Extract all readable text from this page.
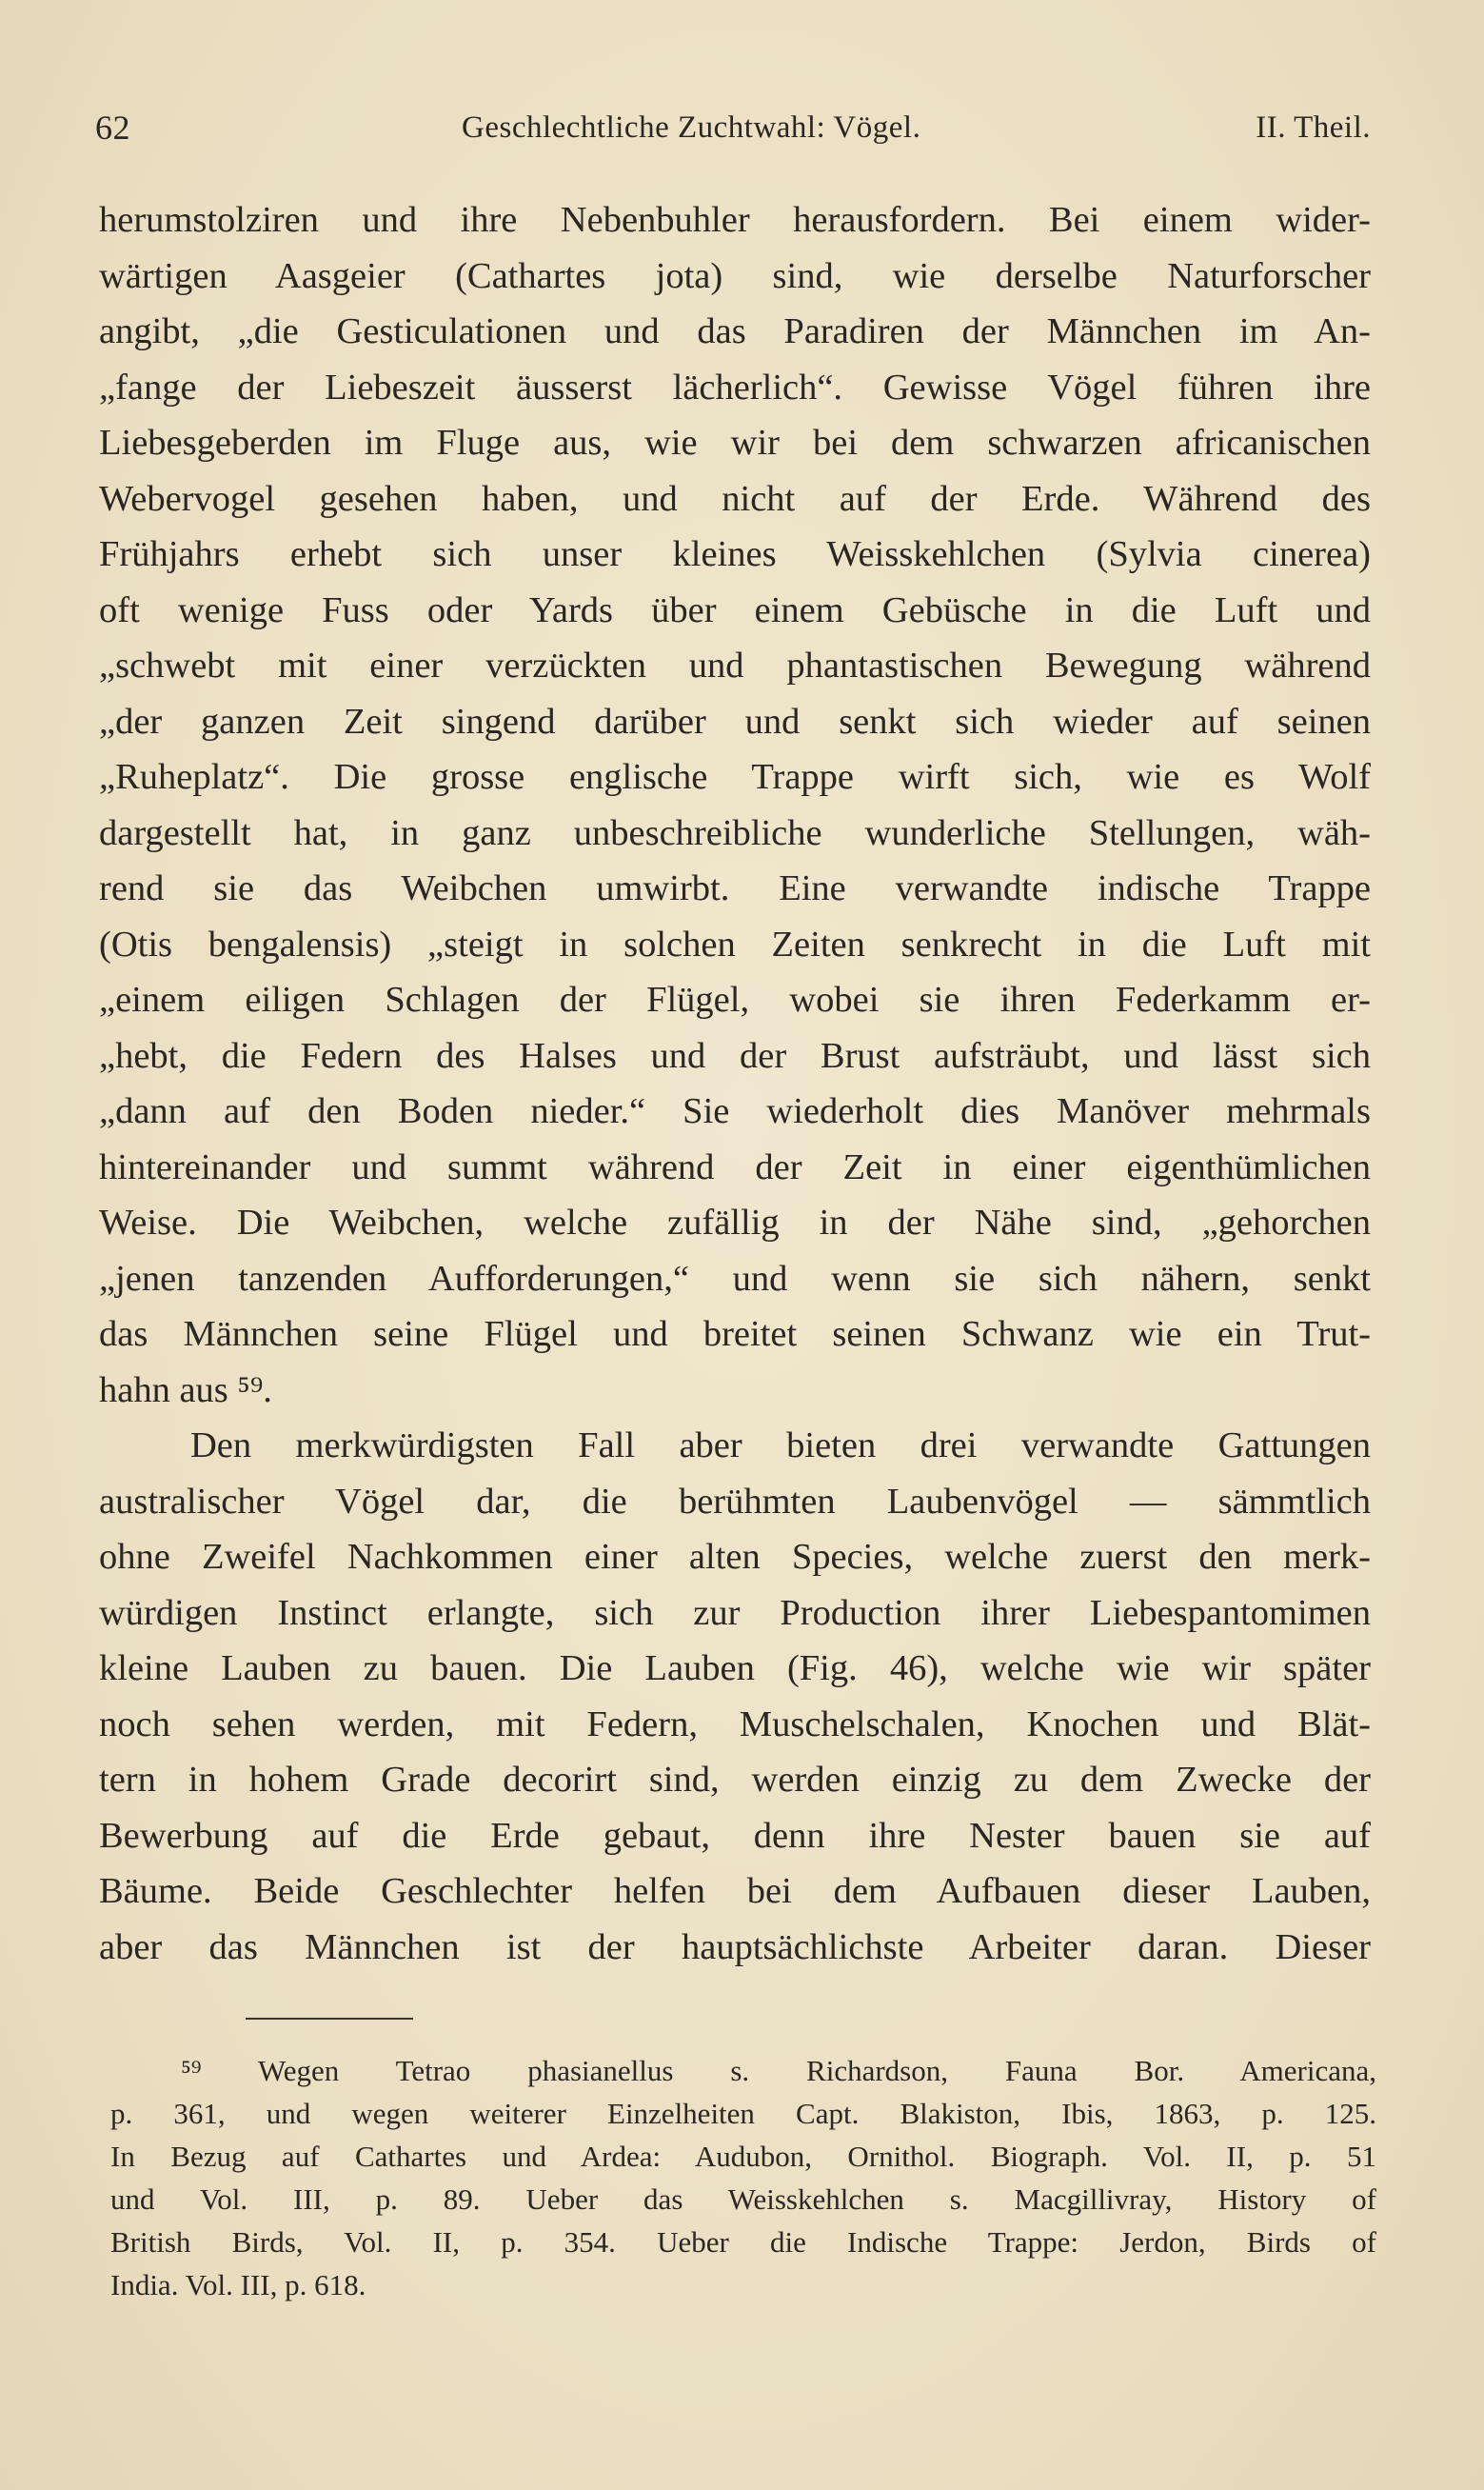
62	Geschlechtliche Zuchtwahl: Vögel.	II. Theil.
herumstolziren und ihre Nebenbuhler herausfordern. Bei einem wider-
wärtigen Aasgeier (Cathartes jota) sind, wie derselbe Naturforscher
angibt, „die Gesticulationen und das Paradiren der Männchen im An-
„fange der Liebeszeit äusserst lächerlich“. Gewisse Vögel führen ihre
Liebesgeberden im Fluge aus, wie wir bei dem schwarzen africanischen
Webervogel gesehen haben, und nicht auf der Erde. Während des
Frühjahrs erhebt sich unser kleines Weisskehlchen (Sylvia cinerea)
oft wenige Fuss oder Yards über einem Gebüsche in die Luft und
„schwebt mit einer verzückten und phantastischen Bewegung während
„der ganzen Zeit singend darüber und senkt sich wieder auf seinen
„Ruheplatz“. Die grosse englische Trappe wirft sich, wie es Wolf
dargestellt hat, in ganz unbeschreibliche wunderliche Stellungen, wäh-
rend sie das Weibchen umwirbt. Eine verwandte indische Trappe
(Otis bengalensis) „steigt in solchen Zeiten senkrecht in die Luft mit
„einem eiligen Schlagen der Flügel, wobei sie ihren Federkamm er-
„hebt, die Federn des Halses und der Brust aufsträubt, und lässt sich
„dann auf den Boden nieder.“ Sie wiederholt dies Manöver mehrmals
hintereinander und summt während der Zeit in einer eigenthümlichen
Weise. Die Weibchen, welche zufällig in der Nähe sind, „gehorchen
„jenen tanzenden Aufforderungen,“ und wenn sie sich nähern, senkt
das Männchen seine Flügel und breitet seinen Schwanz wie ein Trut-
hahn aus ⁵⁹.
Den merkwürdigsten Fall aber bieten drei verwandte Gattungen
australischer Vögel dar, die berühmten Laubenvögel — sämmtlich
ohne Zweifel Nachkommen einer alten Species, welche zuerst den merk-
würdigen Instinct erlangte, sich zur Production ihrer Liebespantomimen
kleine Lauben zu bauen. Die Lauben (Fig. 46), welche wie wir später
noch sehen werden, mit Federn, Muschelschalen, Knochen und Blät-
tern in hohem Grade decorirt sind, werden einzig zu dem Zwecke der
Bewerbung auf die Erde gebaut, denn ihre Nester bauen sie auf
Bäume. Beide Geschlechter helfen bei dem Aufbauen dieser Lauben,
aber das Männchen ist der hauptsächlichste Arbeiter daran. Dieser
⁵⁹ Wegen Tetrao phasianellus s. Richardson, Fauna Bor. Americana,
p. 361, und wegen weiterer Einzelheiten Capt. Blakiston, Ibis, 1863, p. 125.
In Bezug auf Cathartes und Ardea: Audubon, Ornithol. Biograph. Vol. II, p. 51
und Vol. III, p. 89. Ueber das Weisskehlchen s. Macgillivray, History of
British Birds, Vol. II, p. 354. Ueber die Indische Trappe: Jerdon, Birds of
India. Vol. III, p. 618.
